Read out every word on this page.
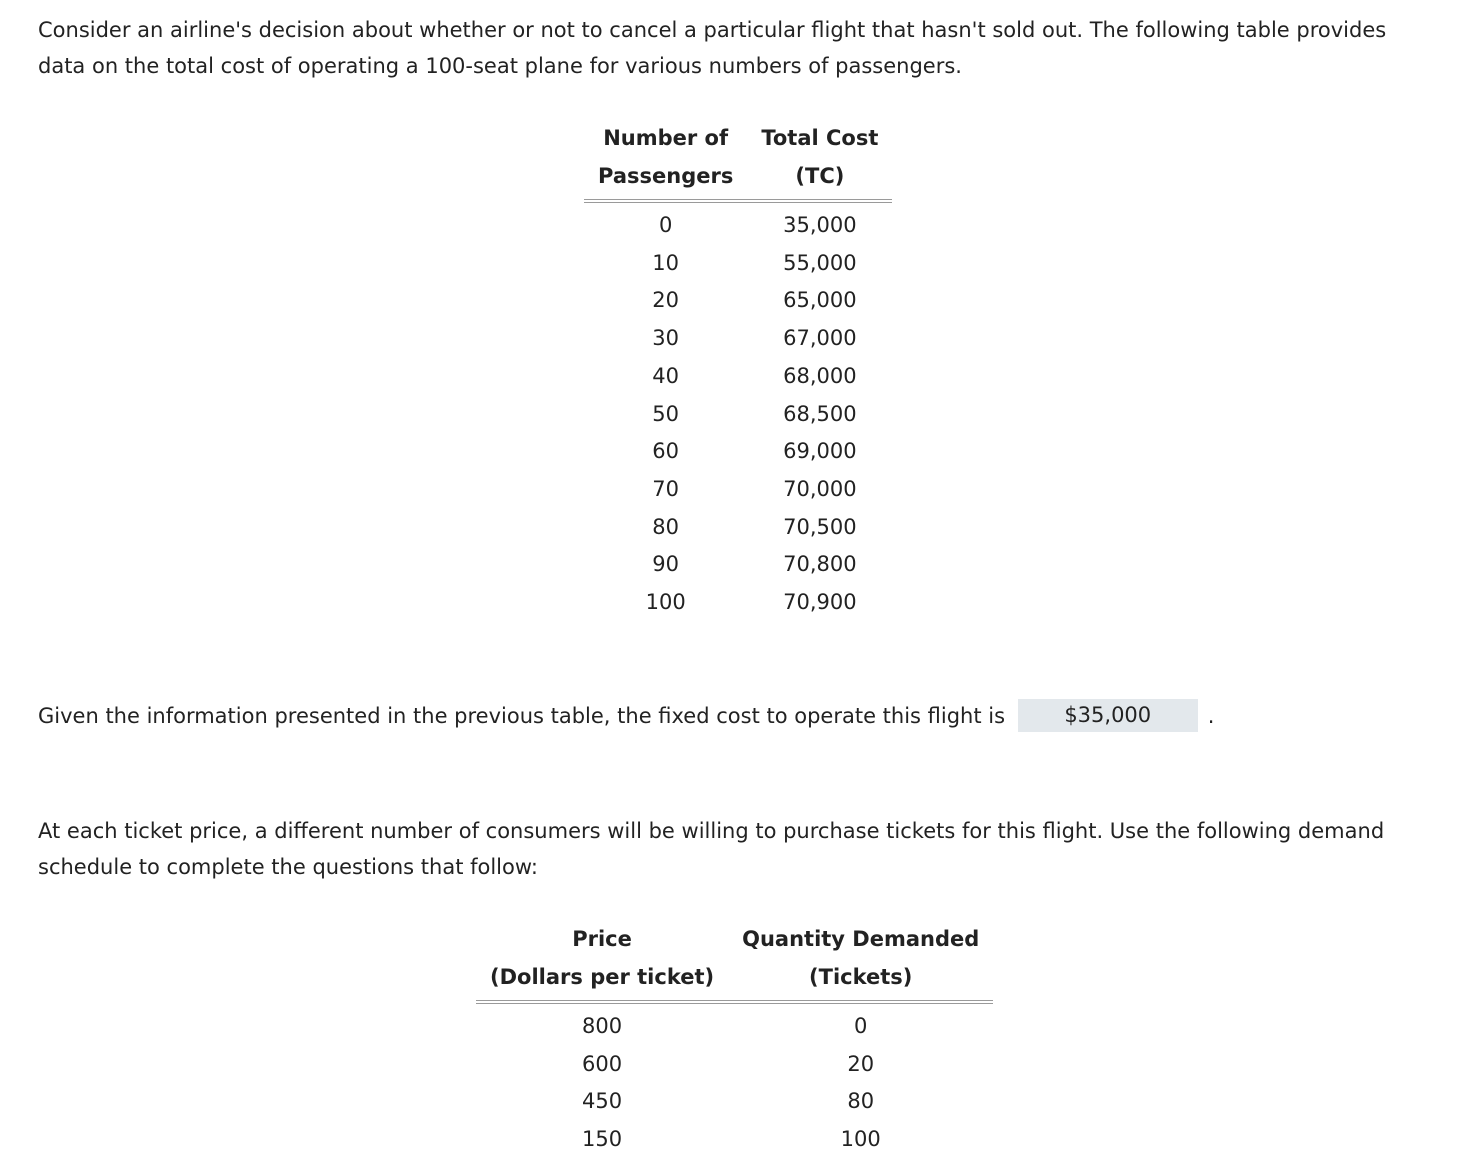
Consider an airline's decision about whether or not to cancel a particular flight that hasn't sold out. The following table provides data on the total cost of operating a 100-seat plane for various numbers of passengers.

Number of	Total Cost
Passengers	(TC)
0	35,000
10	55,000
20	65,000
30	67,000
40	68,000
50	68,500
60	69,000
70	70,000
80	70,500
90	70,800
100	70,900

Given the information presented in the previous table, the fixed cost to operate this flight is	$35,000	.

At each ticket price, a different number of consumers will be willing to purchase tickets for this flight. Use the following demand schedule to complete the questions that follow:

Price	Quantity Demanded
(Dollars per ticket)	(Tickets)
800	0
600	20
450	80
150	100
